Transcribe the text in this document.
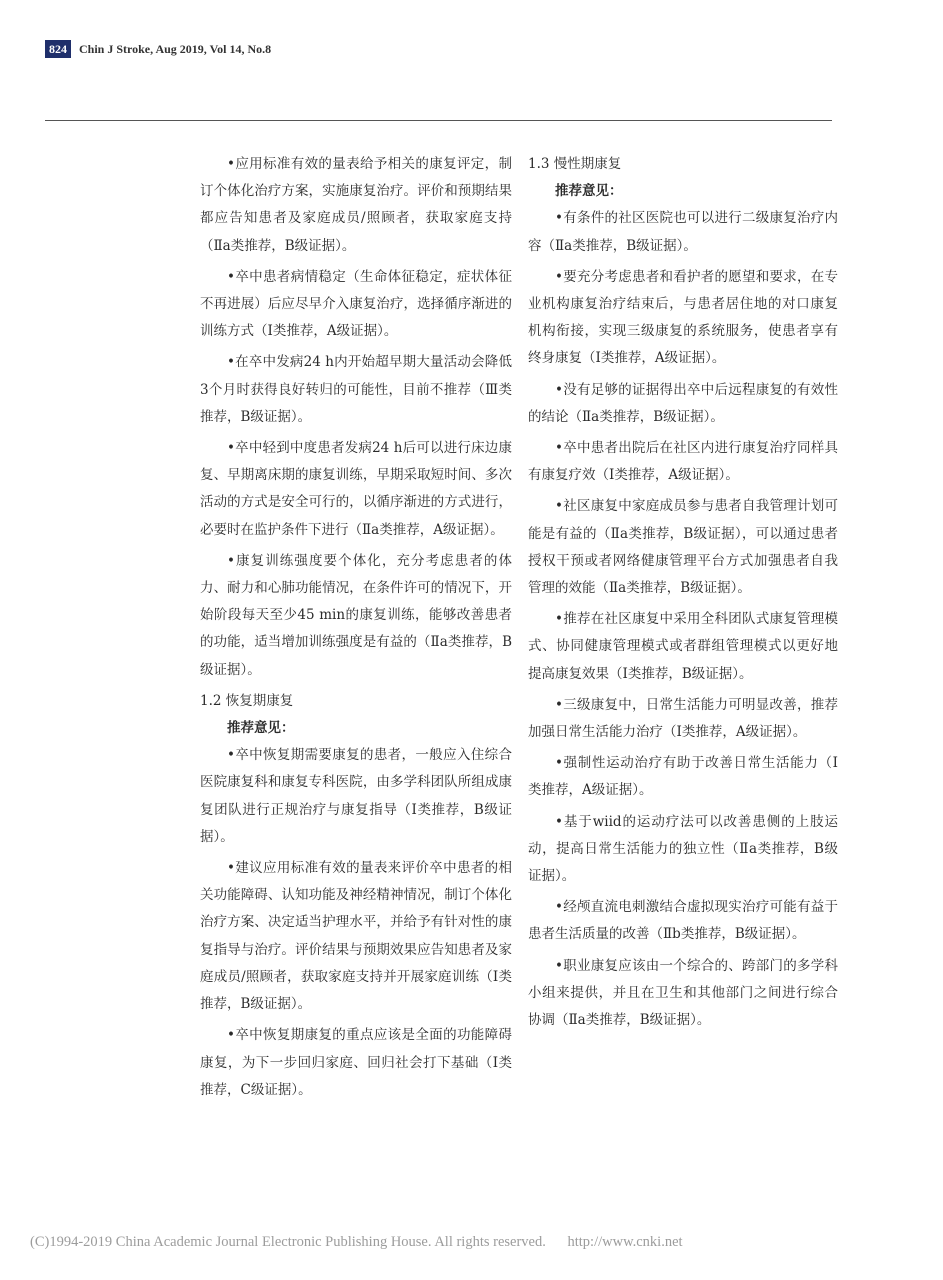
824	Chin J Stroke, Aug 2019, Vol 14, No.8

•应用标准有效的量表给予相关的康复评定，制订个体化治疗方案，实施康复治疗。评价和预期结果都应告知患者及家庭成员/照顾者，获取家庭支持（Ⅱa类推荐，B级证据）。

•卒中患者病情稳定（生命体征稳定，症状体征不再进展）后应尽早介入康复治疗，选择循序渐进的训练方式（Ⅰ类推荐，A级证据）。

•在卒中发病24 h内开始超早期大量活动会降低3个月时获得良好转归的可能性，目前不推荐（Ⅲ类推荐，B级证据）。

•卒中轻到中度患者发病24 h后可以进行床边康复、早期离床期的康复训练，早期采取短时间、多次活动的方式是安全可行的，以循序渐进的方式进行，必要时在监护条件下进行（Ⅱa类推荐，A级证据）。

•康复训练强度要个体化，充分考虑患者的体力、耐力和心肺功能情况，在条件许可的情况下，开始阶段每天至少45 min的康复训练，能够改善患者的功能，适当增加训练强度是有益的（Ⅱa类推荐，B级证据）。

1.2 恢复期康复

推荐意见：

•卒中恢复期需要康复的患者，一般应入住综合医院康复科和康复专科医院，由多学科团队所组成康复团队进行正规治疗与康复指导（Ⅰ类推荐，B级证据）。

•建议应用标准有效的量表来评价卒中患者的相关功能障碍、认知功能及神经精神情况，制订个体化治疗方案、决定适当护理水平，并给予有针对性的康复指导与治疗。评价结果与预期效果应告知患者及家庭成员/照顾者，获取家庭支持并开展家庭训练（Ⅰ类推荐，B级证据）。

•卒中恢复期康复的重点应该是全面的功能障碍康复，为下一步回归家庭、回归社会打下基础（Ⅰ类推荐，C级证据）。

1.3 慢性期康复

推荐意见：

•有条件的社区医院也可以进行二级康复治疗内容（Ⅱa类推荐，B级证据）。

•要充分考虑患者和看护者的愿望和要求，在专业机构康复治疗结束后，与患者居住地的对口康复机构衔接，实现三级康复的系统服务，使患者享有终身康复（Ⅰ类推荐，A级证据）。

•没有足够的证据得出卒中后远程康复的有效性的结论（Ⅱa类推荐，B级证据）。

•卒中患者出院后在社区内进行康复治疗同样具有康复疗效（Ⅰ类推荐，A级证据）。

•社区康复中家庭成员参与患者自我管理计划可能是有益的（Ⅱa类推荐，B级证据），可以通过患者授权干预或者网络健康管理平台方式加强患者自我管理的效能（Ⅱa类推荐，B级证据）。

•推荐在社区康复中采用全科团队式康复管理模式、协同健康管理模式或者群组管理模式以更好地提高康复效果（Ⅰ类推荐，B级证据）。

•三级康复中，日常生活能力可明显改善，推荐加强日常生活能力治疗（Ⅰ类推荐，A级证据）。

•强制性运动治疗有助于改善日常生活能力（Ⅰ类推荐，A级证据）。

•基于wiid的运动疗法可以改善患侧的上肢运动，提高日常生活能力的独立性（Ⅱa类推荐，B级证据）。

•经颅直流电刺激结合虚拟现实治疗可能有益于患者生活质量的改善（Ⅱb类推荐，B级证据）。

•职业康复应该由一个综合的、跨部门的多学科小组来提供，并且在卫生和其他部门之间进行综合协调（Ⅱa类推荐，B级证据）。

(C)1994-2019 China Academic Journal Electronic Publishing House. All rights reserved. http://www.cnki.net
